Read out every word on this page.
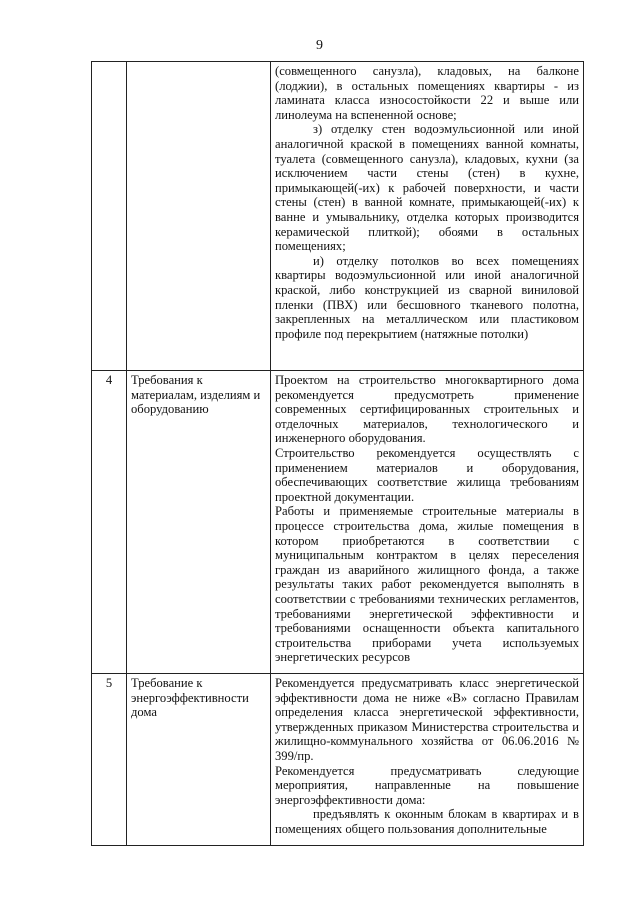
9

		(совмещенного санузла), кладовых, на балконе (лоджии), в остальных помещениях квартиры - из ламината класса износостойкости 22 и выше или линолеума на вспененной основе;

з) отделку стен водоэмульсионной или иной аналогичной краской в помещениях ванной комнаты, туалета (совмещенного санузла), кладовых, кухни (за исключением части стены (стен) в кухне, примыкающей(-их) к рабочей поверхности, и части стены (стен) в ванной комнате, примыкающей(-их) к ванне и умывальнику, отделка которых производится керамической плиткой); обоями в остальных помещениях;

и) отделку потолков во всех помещениях квартиры водоэмульсионной или иной аналогичной краской, либо конструкцией из сварной виниловой пленки (ПВХ) или бесшовного тканевого полотна, закрепленных на металлическом или пластиковом профиле под перекрытием (натяжные потолки)

4	Требования к материалам, изделиям и оборудованию	Проектом на строительство многоквартирного дома рекомендуется предусмотреть применение современных сертифицированных строительных и отделочных материалов, технологического и инженерного оборудования.

Строительство рекомендуется осуществлять с применением материалов и оборудования, обеспечивающих соответствие жилища требованиям проектной документации.

Работы и применяемые строительные материалы в процессе строительства дома, жилые помещения в котором приобретаются в соответствии с муниципальным контрактом в целях переселения граждан из аварийного жилищного фонда, а также результаты таких работ рекомендуется выполнять в соответствии с требованиями технических регламентов, требованиями энергетической эффективности и требованиями оснащенности объекта капитального строительства приборами учета используемых энергетических ресурсов

5	Требование к энергоэффективности дома	Рекомендуется предусматривать класс энергетической эффективности дома не ниже «В» согласно Правилам определения класса энергетической эффективности, утвержденных приказом Министерства строительства и жилищно-коммунального хозяйства от 06.06.2016 № 399/пр.

Рекомендуется предусматривать следующие мероприятия, направленные на повышение энергоэффективности дома:

предъявлять к оконным блокам в квартирах и в помещениях общего пользования дополнительные
